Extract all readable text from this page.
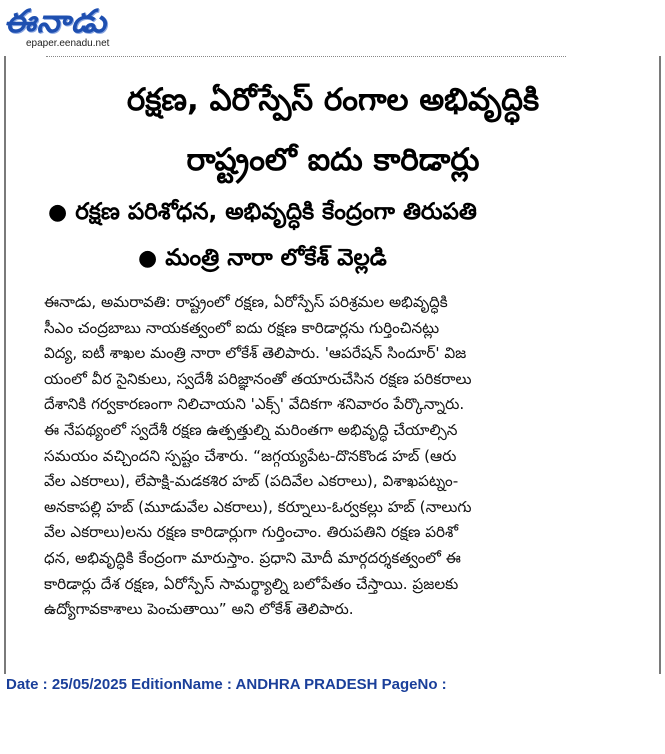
ఈనాడు
epaper.eenadu.net
రక్షణ, ఏరోస్పేస్ రంగాల అభివృద్ధికి
రాష్ట్రంలో ఐదు కారిడార్లు
● రక్షణ పరిశోధన, అభివృద్ధికి కేంద్రంగా తిరుపతి
● మంత్రి నారా లోకేశ్ వెల్లడి
ఈనాడు, అమరావతి: రాష్ట్రంలో రక్షణ, ఏరోస్పేస్ పరిశ్రమల అభివృద్ధికి
సీఎం చంద్రబాబు నాయకత్వంలో ఐదు రక్షణ కారిడార్లను గుర్తించినట్లు
విద్య, ఐటీ శాఖల మంత్రి నారా లోకేశ్ తెలిపారు. 'ఆపరేషన్ సిందూర్' విజ
యంలో వీర సైనికులు, స్వదేశీ పరిజ్ఞానంతో తయారుచేసిన రక్షణ పరికరాలు
దేశానికి గర్వకారణంగా నిలిచాయని 'ఎక్స్' వేదికగా శనివారం పేర్కొన్నారు.
ఈ నేపథ్యంలో స్వదేశీ రక్షణ ఉత్పత్తుల్ని మరింతగా అభివృద్ధి చేయాల్సిన
సమయం వచ్చిందని స్పష్టం చేశారు. “జగ్గయ్యపేట-దొనకొండ హబ్ (ఆరు
వేల ఎకరాలు), లేపాక్షి-మడకశిర హబ్ (పదివేల ఎకరాలు), విశాఖపట్నం-
అనకాపల్లి హబ్ (మూడువేల ఎకరాలు), కర్నూలు-ఓర్వకల్లు హబ్ (నాలుగు
వేల ఎకరాలు)లను రక్షణ కారిడార్లుగా గుర్తించాం. తిరుపతిని రక్షణ పరిశో
ధన, అభివృద్ధికి కేంద్రంగా మారుస్తాం. ప్రధాని మోదీ మార్గదర్శకత్వంలో ఈ
కారిడార్లు దేశ రక్షణ, ఏరోస్పేస్ సామర్థ్యాల్ని బలోపేతం చేస్తాయి. ప్రజలకు
ఉద్యోగావకాశాలు పెంచుతాయి” అని లోకేశ్ తెలిపారు.
Date : 25/05/2025 EditionName : ANDHRA PRADESH PageNo :
